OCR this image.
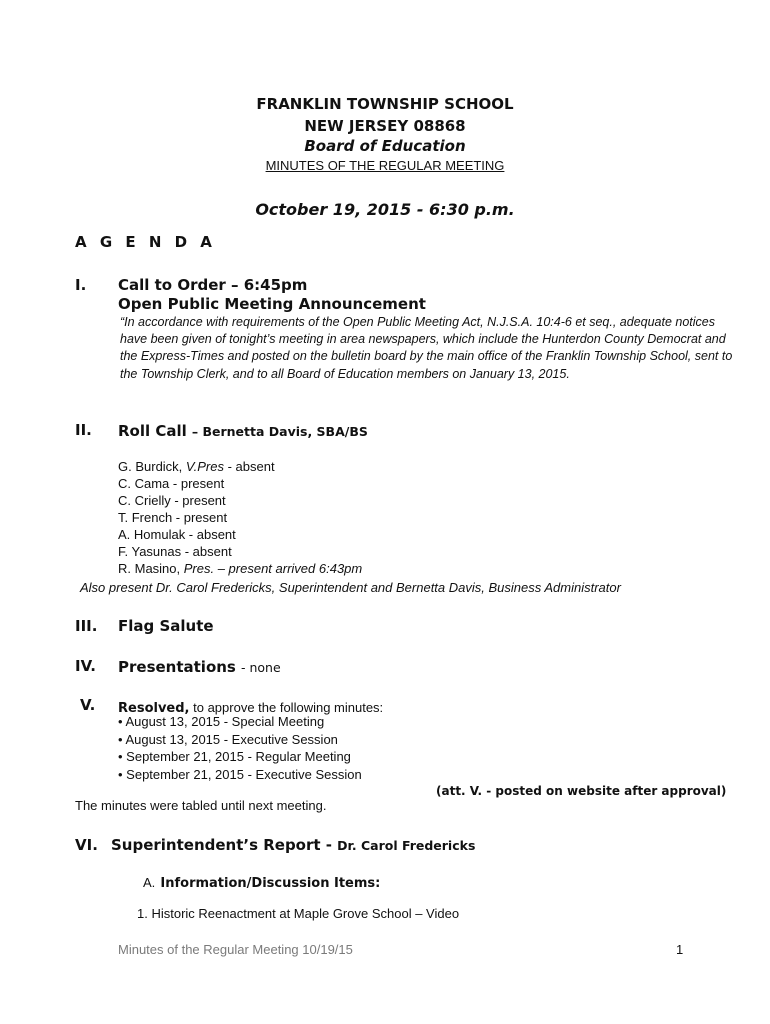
FRANKLIN TOWNSHIP SCHOOL
NEW JERSEY 08868
Board of Education
MINUTES OF THE REGULAR MEETING
October 19, 2015 - 6:30 p.m.
A G E N D A
I. Call to Order – 6:45pm
Open Public Meeting Announcement
“In accordance with requirements of the Open Public Meeting Act, N.J.S.A. 10:4-6 et seq., adequate notices have been given of tonight’s meeting in area newspapers, which include the Hunterdon County Democrat and the Express-Times and posted on the bulletin board by the main office of the Franklin Township School, sent to the Township Clerk, and to all Board of Education members on January 13, 2015.
II. Roll Call – Bernetta Davis, SBA/BS
G. Burdick, V.Pres - absent
C. Cama - present
C. Crielly - present
T. French - present
A. Homulak - absent
F. Yasunas - absent
R. Masino, Pres. – present arrived 6:43pm
Also present Dr. Carol Fredericks, Superintendent and Bernetta Davis, Business Administrator
III. Flag Salute
IV. Presentations - none
V. Resolved, to approve the following minutes:
• August 13, 2015 - Special Meeting
• August 13, 2015 - Executive Session
• September 21, 2015 - Regular Meeting
• September 21, 2015 - Executive Session
(att. V. - posted on website after approval)
The minutes were tabled until next meeting.
VI. Superintendent’s Report - Dr. Carol Fredericks
A. Information/Discussion Items:
1. Historic Reenactment at Maple Grove School – Video
Minutes of the Regular Meeting 10/19/15	1
